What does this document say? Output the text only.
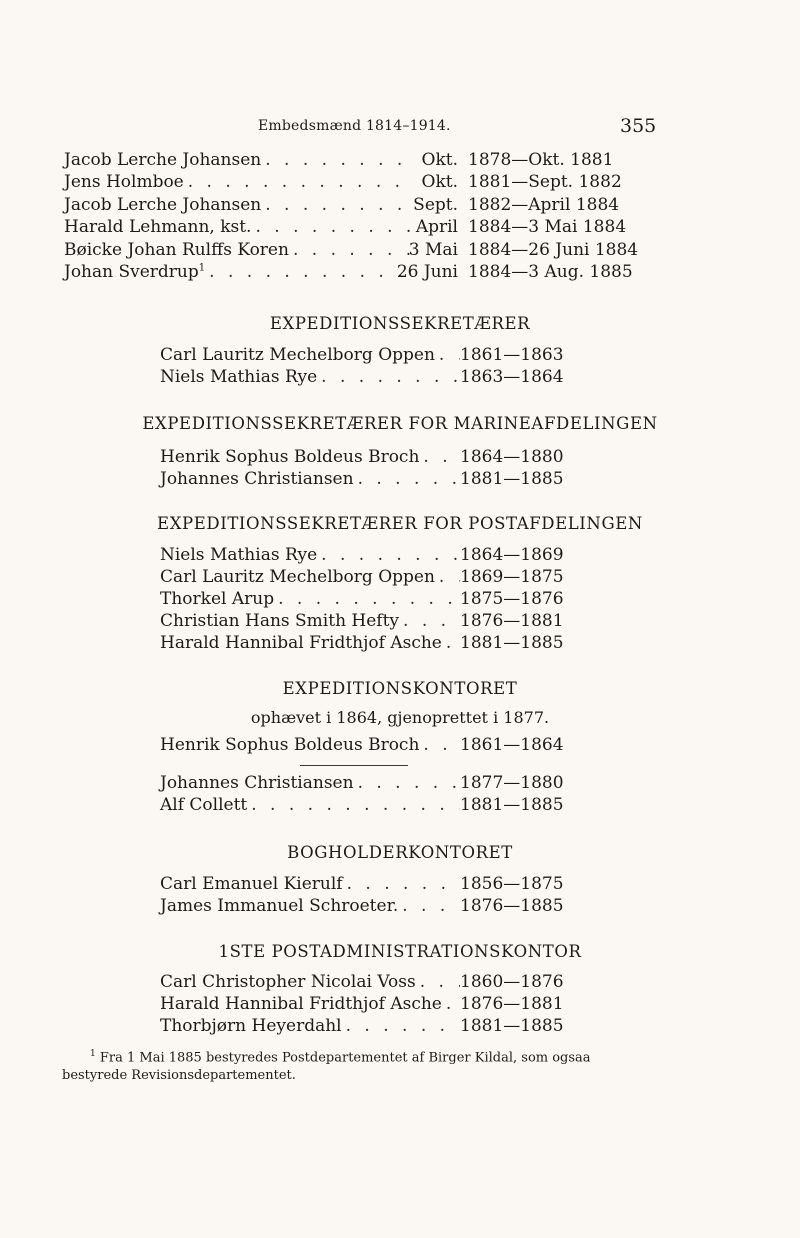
Embedsmænd 1814–1914.	355
Jacob Lerche Johansen . . .	Okt. 1878—Okt. 1881
Jens Holmboe . . .	Okt. 1881—Sept. 1882
Jacob Lerche Johansen . . .	Sept. 1882—April 1884
Harald Lehmann, kst. . . .	April 1884—3 Mai 1884
Bøicke Johan Rulffs Koren . . .	3 Mai 1884—26 Juni 1884
Johan Sverdrup$^1$ . . .	26 Juni 1884—3 Aug. 1885
EXPEDITIONSSEKRETÆRER
Carl Lauritz Mechelborg Oppen . . . 1861—1863
Niels Mathias Rye . . .	1863—1864
EXPEDITIONSSEKRETÆRER FOR MARINEAFDELINGEN
Henrik Sophus Boldeus Broch . . . 1864—1880
Johannes Christiansen . . .	1881—1885
EXPEDITIONSSEKRETÆRER FOR POSTAFDELINGEN
Niels Mathias Rye . . .	1864—1869
Carl Lauritz Mechelborg Oppen . . . 1869—1875
Thorkel Arup . . .	1875—1876
Christian Hans Smith Hefty . . .	1876—1881
Harald Hannibal Fridthjof Asche . . . 1881—1885
EXPEDITIONSKONTORET
ophævet i 1864, gjenoprettet i 1877.
Henrik Sophus Boldeus Broch . . . 1861—1864
Johannes Christiansen . . .	1877—1880
Alf Collett . . .	1881—1885
BOGHOLDERKONTORET
Carl Emanuel Kierulf . . .	1856—1875
James Immanuel Schroeter. . . .	1876—1885
1STE POSTADMINISTRATIONSKONTOR
Carl Christopher Nicolai Voss . . .	1860—1876
Harald Hannibal Fridthjof Asche . . . 1876—1881
Thorbjørn Heyerdahl . . .	1881—1885
$^1$ Fra 1 Mai 1885 bestyredes Postdepartementet af Birger Kildal, som ogsaa
bestyrede Revisionsdepartementet.
